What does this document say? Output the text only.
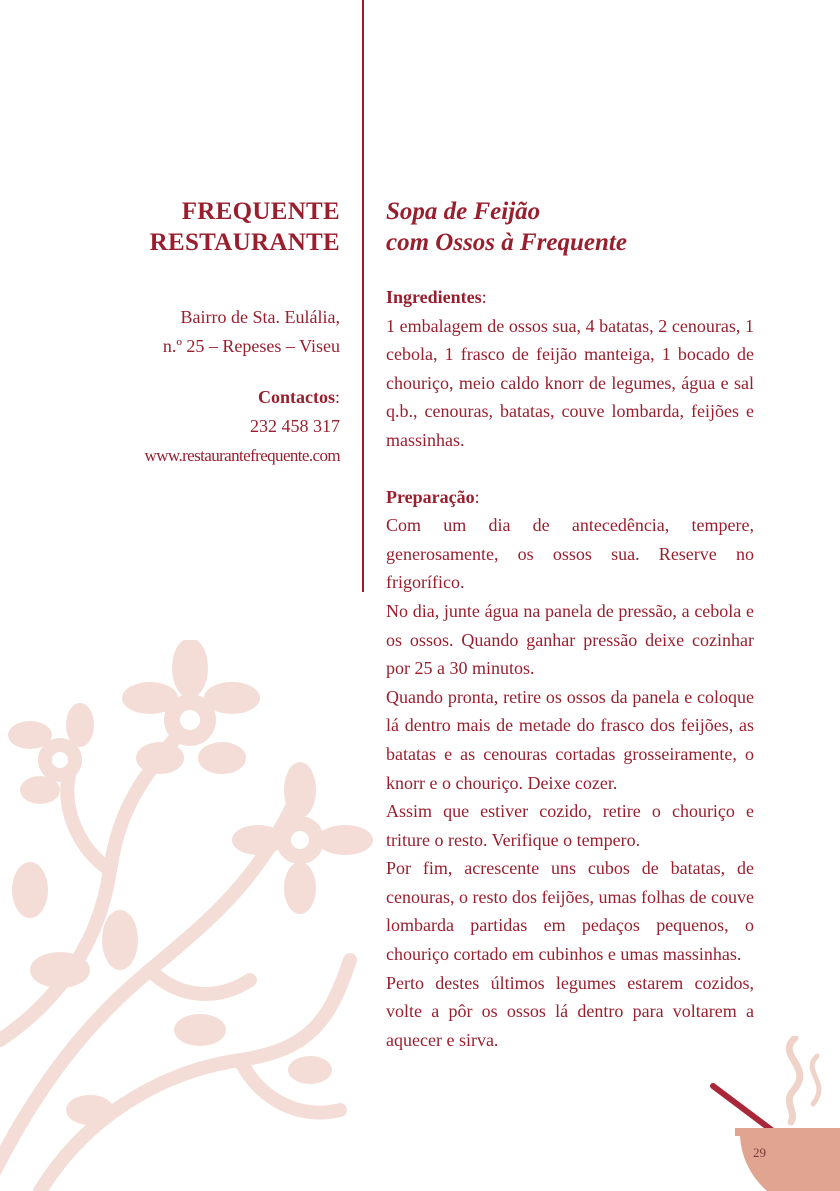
FREQUENTE
RESTAURANTE
Bairro de Sta. Eulália,
n.º 25 – Repeses – Viseu
Contactos:
232 458 317
www.restaurantefrequente.com
Sopa de Feijão
com Ossos à Frequente
Ingredientes:

1 embalagem de ossos sua, 4 batatas, 2 cenouras, 1 cebola, 1 frasco de feijão manteiga, 1 bocado de chouriço, meio caldo knorr de legumes, água e sal q.b., cenouras, batatas, couve lombarda, feijões e massinhas.

Preparação:

Com um dia de antecedência, tempere, generosamente, os ossos sua. Reserve no frigorífico.

No dia, junte água na panela de pressão, a cebola e os ossos. Quando ganhar pressão deixe cozinhar por 25 a 30 minutos.

Quando pronta, retire os ossos da panela e coloque lá dentro mais de metade do frasco dos feijões, as batatas e as cenouras cortadas grosseiramente, o knorr e o chouriço. Deixe cozer.

Assim que estiver cozido, retire o chouriço e triture o resto. Verifique o tempero.

Por fim, acrescente uns cubos de batatas, de cenouras, o resto dos feijões, umas folhas de couve lombarda partidas em pedaços pequenos, o chouriço cortado em cubinhos e umas massinhas.

Perto destes últimos legumes estarem cozidos, volte a pôr os ossos lá dentro para voltarem a aquecer e sirva.

29
